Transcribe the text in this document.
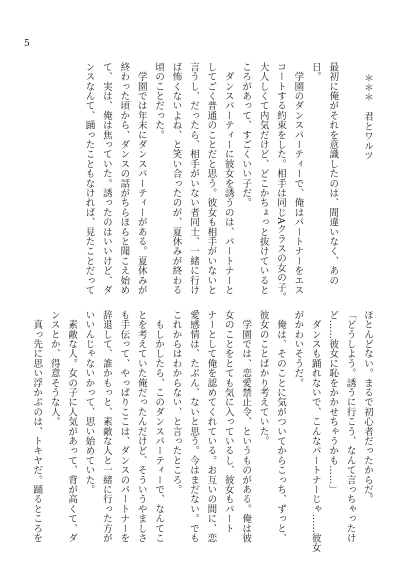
5
＊＊＊　君とワルツ
最初に俺がそれを意識したのは、間違いなく、あの
日。
　学園のダンスパーティーで、俺はパートナーをエス
コートする約束をした。相手は同じAクラスの女の子。
大人しくて内気だけど、どこかちょっと抜けていると
ころがあって、すごくいい子だ。
　ダンスパーティーに彼女を誘うのは、パートナーと
してごく普通のことだと思う。彼女も相手がいないと
言うし、だったら、相手がいない者同士、一緒に行け
ば怖くないよね、と笑い合ったのが、夏休みが終わる
頃のことだった。
　学園では年末にダンスパーティーがある。夏休みが
終わった頃から、ダンスの話がちらほらと聞こえ始め
て、実は、俺は焦っていた。誘ったのはいいけど、ダ
ンスなんて、踊ったこともなければ、見たことだって
ほとんどない。まるで初心者だったからだ。
「どうしよう。誘うに行こう、なんて言っちゃったけ
ど……彼女に恥をかかせちゃうかも……」
　ダンスも踊れないで、こんなパートナーじゃ……彼女
がかわいそうだ。
　俺は、そのことに気がついてからこっち、ずっと、
彼女のことばかり考えていた。
　学園では、恋愛禁止令、というものがある。俺は彼
女のことをとても気に入っているし、彼女もパート
ナーとして俺を認めてくれている。お互いの間に、恋
愛感情は、たぶん、ないと思う。今はまだない。でも
これからはわからない、と言ったところ。
　もしかしたら、このダンスパーティーで、なんてこ
とを考えていた俺だったんだけど、そういうやましさ
も手伝って、やっぱりここは、ダンスのパートナーを
辞退して、誰かもっと、素敵な人と一緒に行った方が
いいんじゃないかって、思い始めていた。
　素敵な人。女の子に人気があって、背が高くて、ダ
ンスとか、得意そうな人。
　真っ先に思い浮かぶのは、トキヤだ。踊るところを
